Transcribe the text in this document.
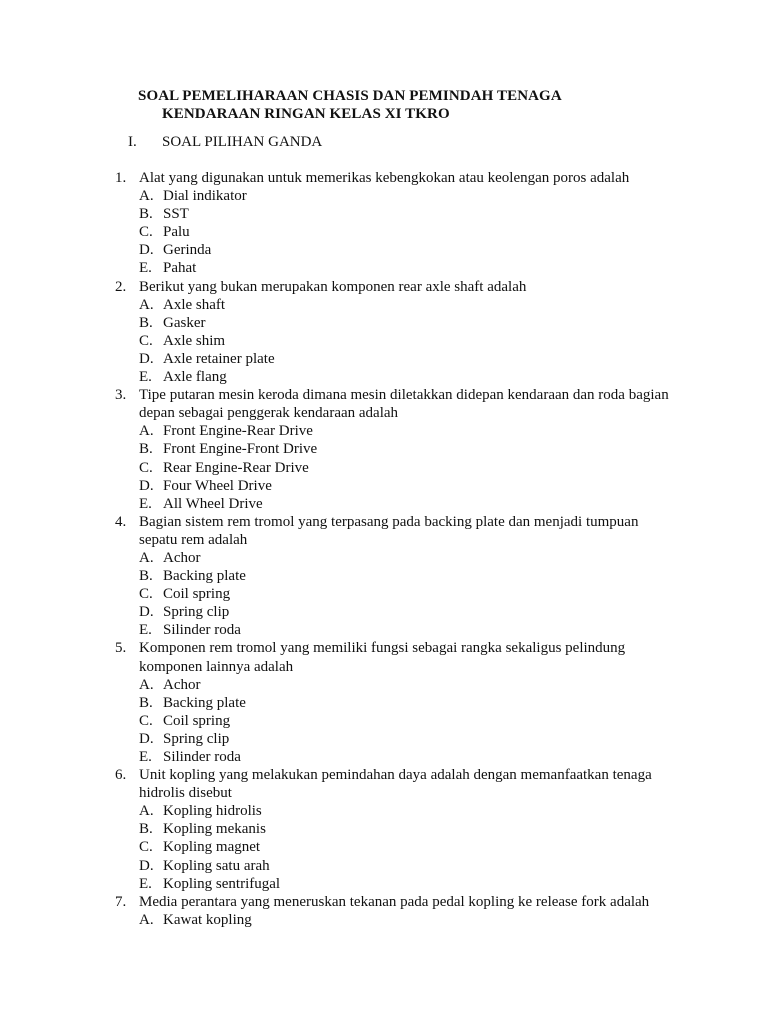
SOAL PEMELIHARAAN CHASIS DAN PEMINDAH TENAGA
KENDARAAN RINGAN KELAS XI TKRO
I. SOAL PILIHAN GANDA
1. Alat yang digunakan untuk memerikas kebengkokan atau keolengan poros adalah
A. Dial indikator
B. SST
C. Palu
D. Gerinda
E. Pahat
2. Berikut yang bukan merupakan komponen rear axle shaft adalah
A. Axle shaft
B. Gasker
C. Axle shim
D. Axle retainer plate
E. Axle flang
3. Tipe putaran mesin keroda dimana mesin diletakkan didepan kendaraan dan roda bagian depan sebagai penggerak kendaraan adalah
A. Front Engine-Rear Drive
B. Front Engine-Front Drive
C. Rear Engine-Rear Drive
D. Four Wheel Drive
E. All Wheel Drive
4. Bagian sistem rem tromol yang terpasang pada backing plate dan menjadi tumpuan sepatu rem adalah
A. Achor
B. Backing plate
C. Coil spring
D. Spring clip
E. Silinder roda
5. Komponen rem tromol yang memiliki fungsi sebagai rangka sekaligus pelindung komponen lainnya adalah
A. Achor
B. Backing plate
C. Coil spring
D. Spring clip
E. Silinder roda
6. Unit kopling yang melakukan pemindahan daya adalah dengan memanfaatkan tenaga hidrolis disebut
A. Kopling hidrolis
B. Kopling mekanis
C. Kopling magnet
D. Kopling satu arah
E. Kopling sentrifugal
7. Media perantara yang meneruskan tekanan pada pedal kopling ke release fork adalah
A. Kawat kopling
